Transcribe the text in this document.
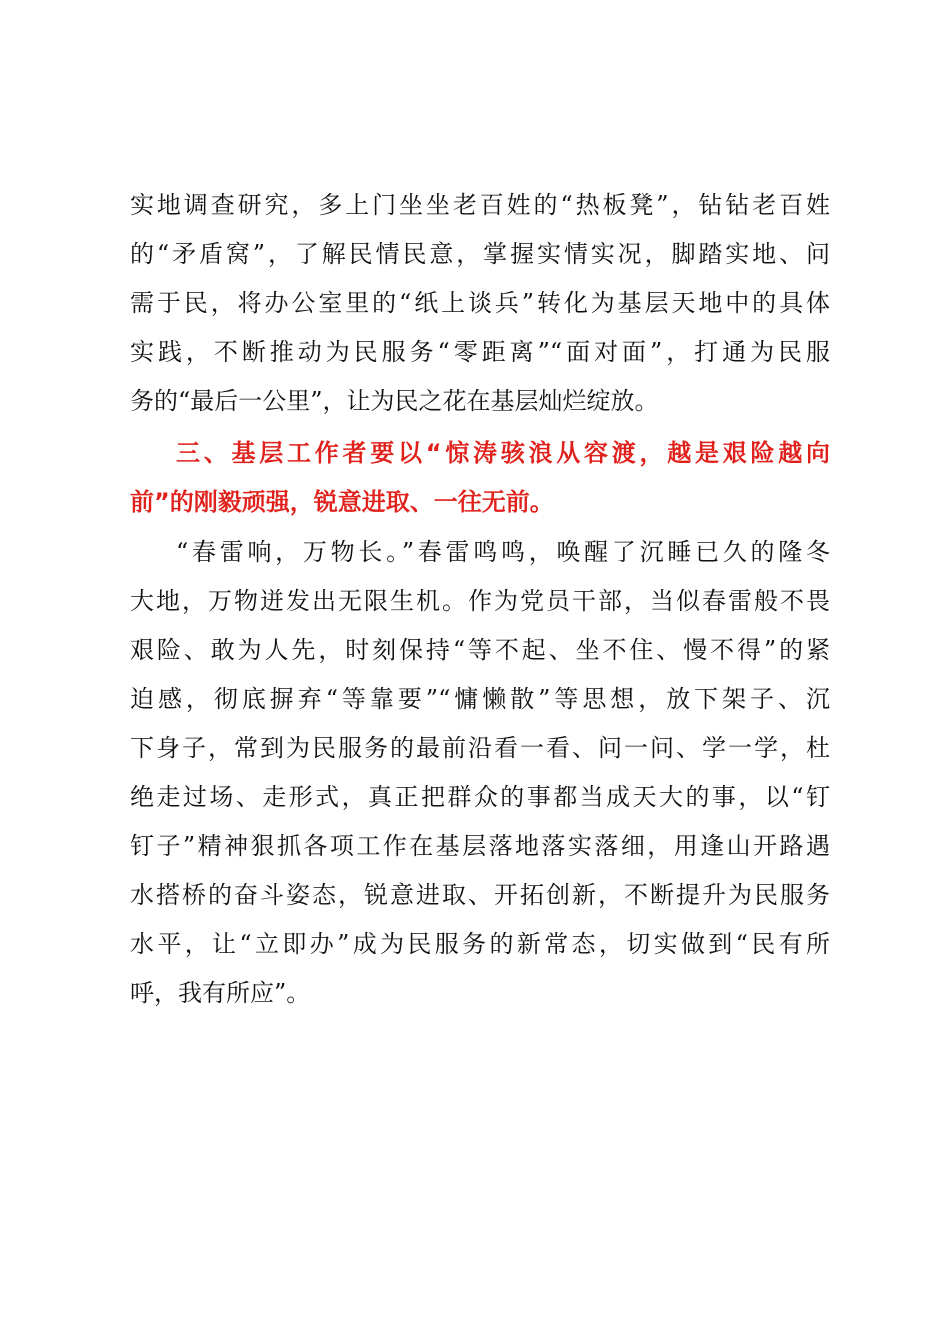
实地调查研究，多上门坐坐老百姓的“热板凳”，钻钻老百姓
的“矛盾窝”，了解民情民意，掌握实情实况，脚踏实地、问
需于民，将办公室里的“纸上谈兵”转化为基层天地中的具体
实践，不断推动为民服务“零距离”“面对面”，打通为民服
务的“最后一公里”，让为民之花在基层灿烂绽放。
三、基层工作者要以“惊涛骇浪从容渡，越是艰险越向
前”的刚毅顽强，锐意进取、一往无前。
“春雷响，万物长。”春雷鸣鸣，唤醒了沉睡已久的隆冬
大地，万物迸发出无限生机。作为党员干部，当似春雷般不畏
艰险、敢为人先，时刻保持“等不起、坐不住、慢不得”的紧
迫感，彻底摒弃“等靠要”“慵懒散”等思想，放下架子、沉
下身子，常到为民服务的最前沿看一看、问一问、学一学，杜
绝走过场、走形式，真正把群众的事都当成天大的事，以“钉
钉子”精神狠抓各项工作在基层落地落实落细，用逢山开路遇
水搭桥的奋斗姿态，锐意进取、开拓创新，不断提升为民服务
水平，让“立即办”成为民服务的新常态，切实做到“民有所
呼，我有所应”。
